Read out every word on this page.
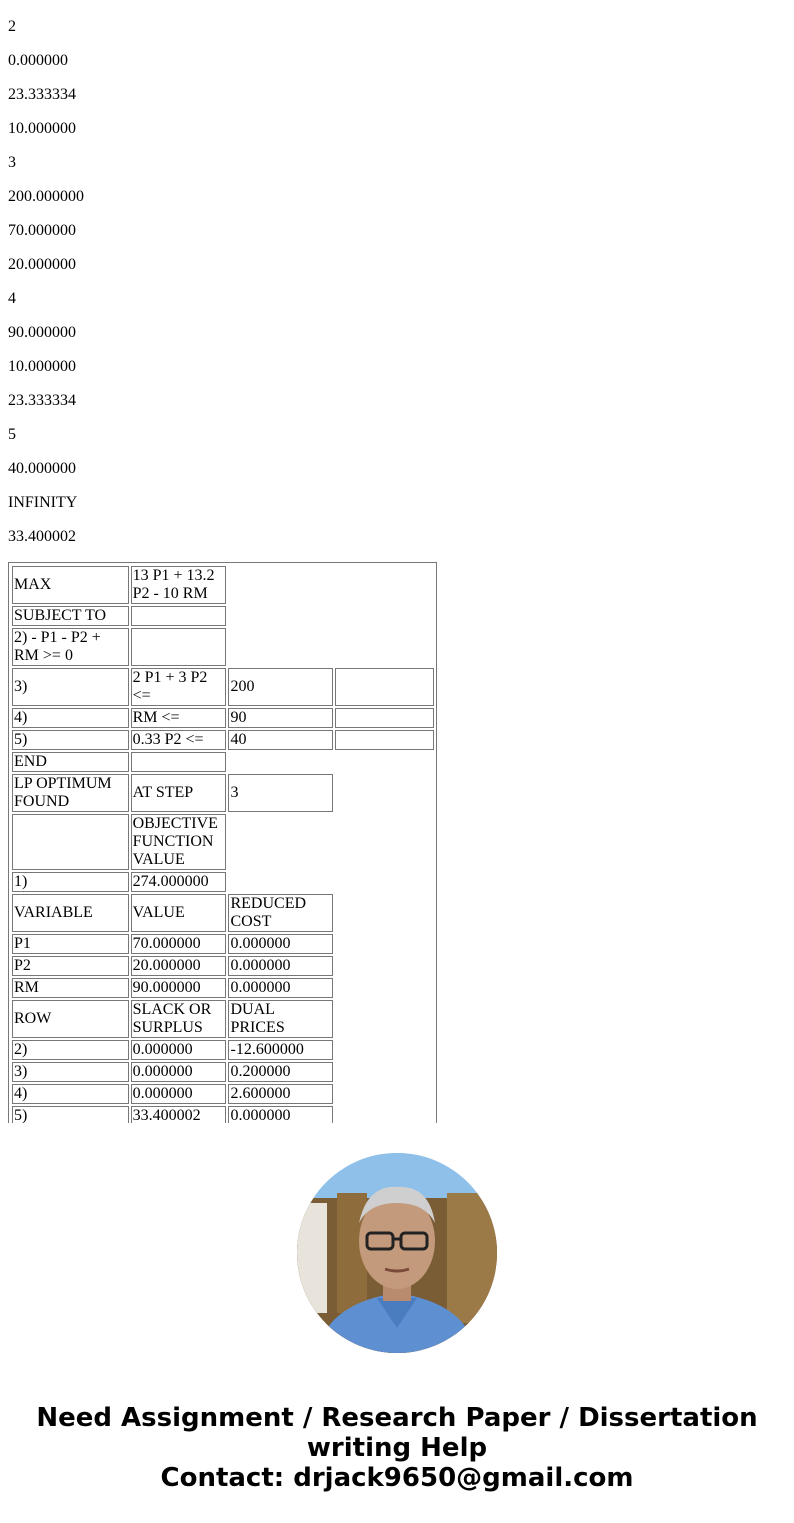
2

0.000000

23.333334

10.000000

3

200.000000

70.000000

20.000000

4

90.000000

10.000000

23.333334

5

40.000000

INFINITY

33.400002

MAX	13 P1 + 13.2 P2 - 10 RM		
SUBJECT TO			
2) - P1 - P2 + RM >= 0			
3)	2 P1 + 3 P2 <=	200	
4)	RM <=	90	
5)	0.33 P2 <=	40	
END			
LP OPTIMUM FOUND	AT STEP	3	
	OBJECTIVE FUNCTION VALUE		
1)	274.000000		
VARIABLE	VALUE	REDUCED COST	
P1	70.000000	0.000000	
P2	20.000000	0.000000	
RM	90.000000	0.000000	
ROW	SLACK OR SURPLUS	DUAL PRICES	
2)	0.000000	-12.600000	
3)	0.000000	0.200000	
4)	0.000000	2.600000	
5)	33.400002	0.000000	
Need Assignment / Research Paper / Dissertation
writing Help
Contact: drjack9650@gmail.com
